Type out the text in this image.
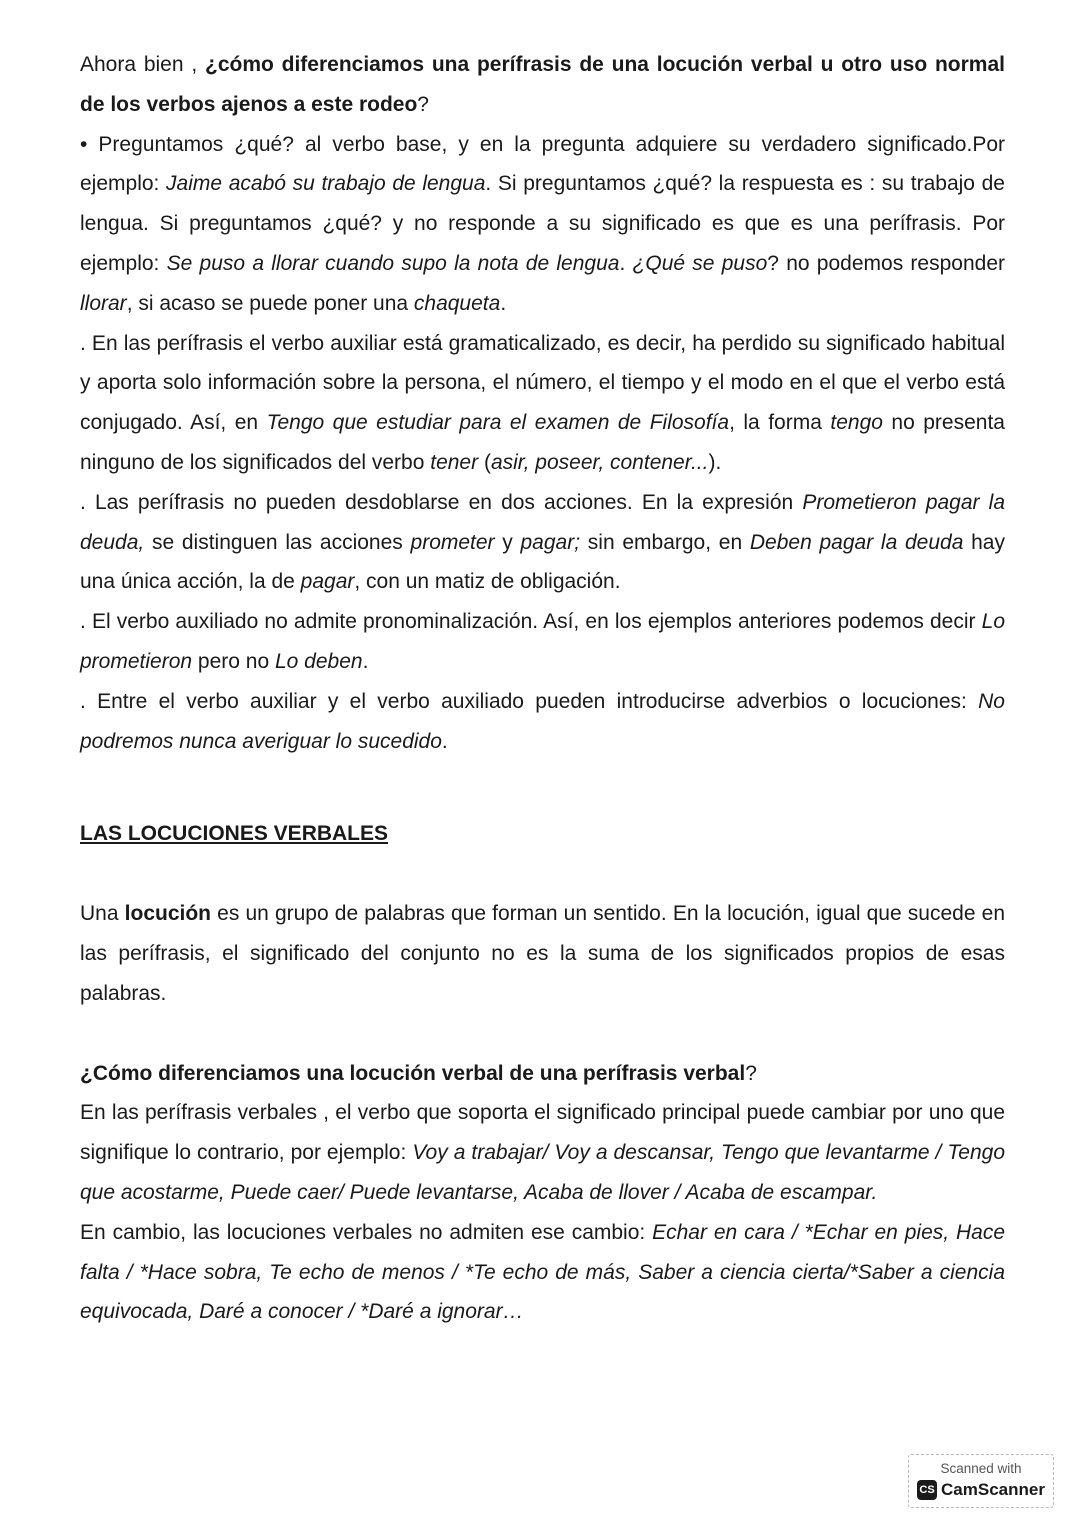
Ahora bien , ¿cómo diferenciamos una perífrasis de una locución verbal u otro uso normal de los verbos ajenos a este rodeo?

• Preguntamos ¿qué? al verbo base, y en la pregunta adquiere su verdadero significado.Por ejemplo: Jaime acabó su trabajo de lengua. Si preguntamos ¿qué? la respuesta es : su trabajo de lengua. Si preguntamos ¿qué? y no responde a su significado es que es una perífrasis. Por ejemplo: Se puso a llorar cuando supo la nota de lengua. ¿Qué se puso? no podemos responder llorar, si acaso se puede poner una chaqueta.

. En las perífrasis el verbo auxiliar está gramaticalizado, es decir, ha perdido su significado habitual y aporta solo información sobre la persona, el número, el tiempo y el modo en el que el verbo está conjugado. Así, en Tengo que estudiar para el examen de Filosofía, la forma tengo no presenta ninguno de los significados del verbo tener (asir, poseer, contener...).

. Las perífrasis no pueden desdoblarse en dos acciones. En la expresión Prometieron pagar la deuda, se distinguen las acciones prometer y pagar; sin embargo, en Deben pagar la deuda hay una única acción, la de pagar, con un matiz de obligación.

. El verbo auxiliado no admite pronominalización. Así, en los ejemplos anteriores podemos decir Lo prometieron pero no Lo deben.

. Entre el verbo auxiliar y el verbo auxiliado pueden introducirse adverbios o locuciones: No podremos nunca averiguar lo sucedido.

LAS LOCUCIONES VERBALES

Una locución es un grupo de palabras que forman un sentido. En la locución, igual que sucede en las perífrasis, el significado del conjunto no es la suma de los significados propios de esas palabras.

¿Cómo diferenciamos una locución verbal de una perífrasis verbal?

En las perífrasis verbales , el verbo que soporta el significado principal puede cambiar por uno que signifique lo contrario, por ejemplo: Voy a trabajar/ Voy a descansar, Tengo que levantarme / Tengo que acostarme, Puede caer/ Puede levantarse, Acaba de llover / Acaba de escampar.

En cambio, las locuciones verbales no admiten ese cambio: Echar en cara / *Echar en pies, Hace falta / *Hace sobra, Te echo de menos / *Te echo de más, Saber a ciencia cierta/*Saber a ciencia equivocada, Daré a conocer / *Daré a ignorar…

Scanned with
CS CamScanner
